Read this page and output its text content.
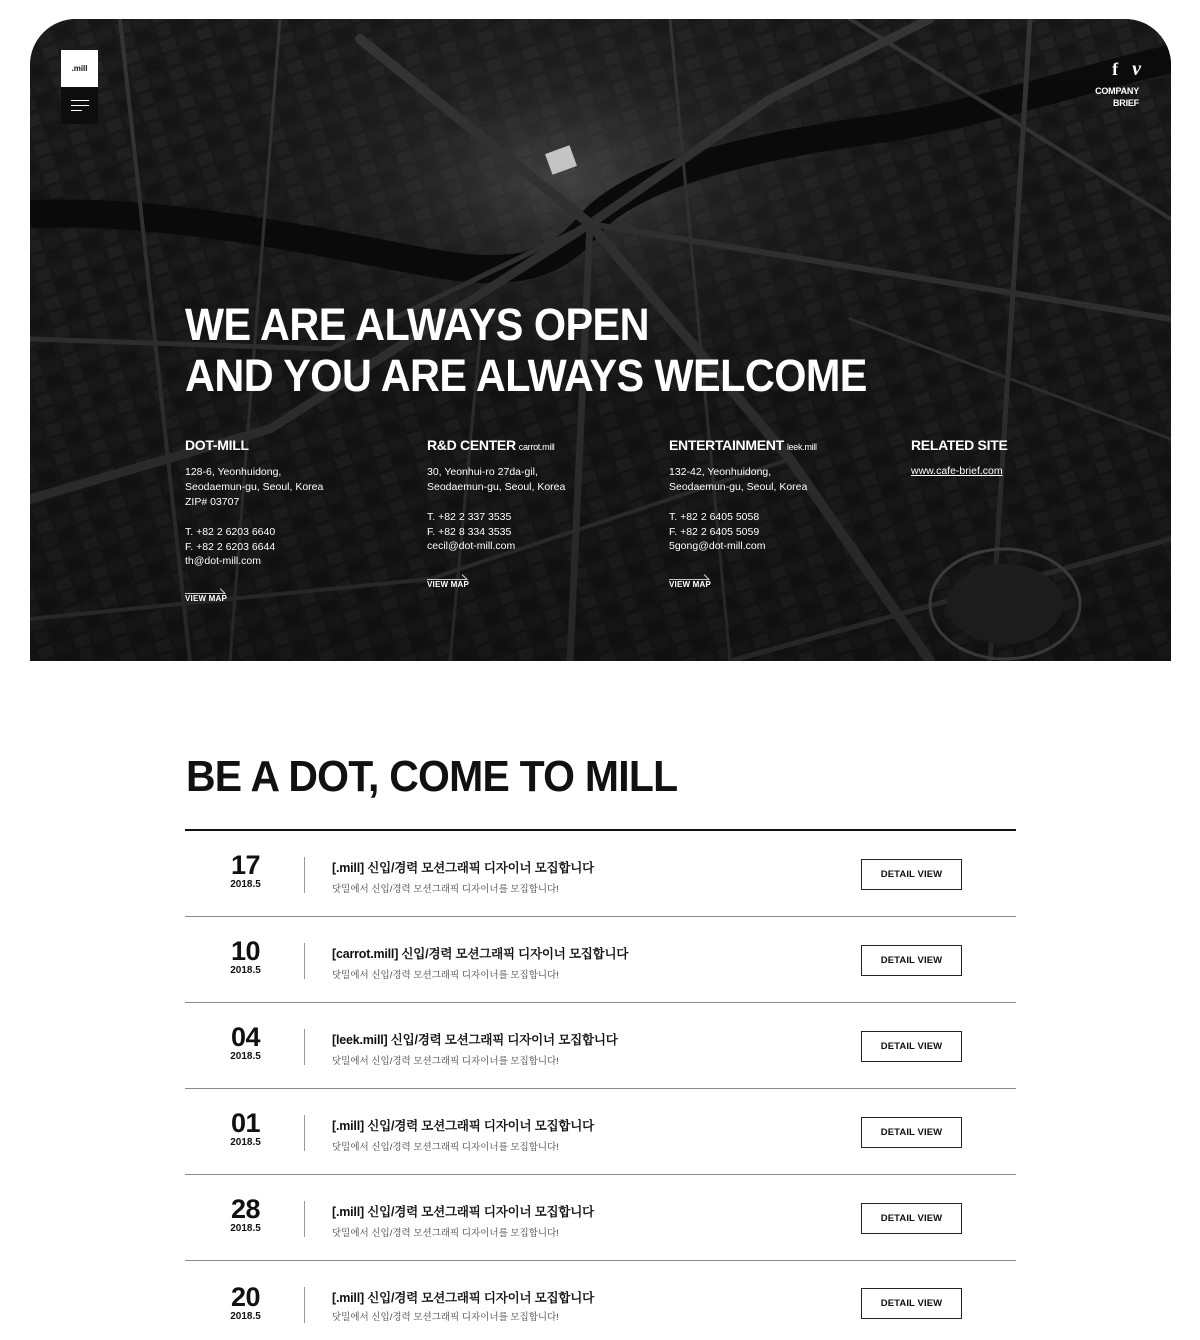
.mill	f v
COMPANY
BRIEF
WE ARE ALWAYS OPEN
AND YOU ARE ALWAYS WELCOME
DOT-MILL
128-6, Yeonhuidong,
Seodaemun-gu, Seoul, Korea
ZIP# 03707
T. +82 2 6203 6640
F. +82 2 6203 6644
th@dot-mill.com
VIEW MAP
R&D CENTER carrot.mill
30, Yeonhui-ro 27da-gil,
Seodaemun-gu, Seoul, Korea
T. +82 2 337 3535
F. +82 8 334 3535
cecil@dot-mill.com
VIEW MAP
ENTERTAINMENT leek.mill
132-42, Yeonhuidong,
Seodaemun-gu, Seoul, Korea
T. +82 2 6405 5058
F. +82 2 6405 5059
5gong@dot-mill.com
VIEW MAP
RELATED SITE
www.cafe-brief.com
BE A DOT, COME TO MILL
17
2018.5
[.mill] 신입/경력 모션그래픽 디자이너 모집합니다
닷밀에서 신입/경력 모션그래픽 디자이너를 모집합니다!
DETAIL VIEW
10
2018.5
[carrot.mill] 신입/경력 모션그래픽 디자이너 모집합니다
닷밀에서 신입/경력 모션그래픽 디자이너를 모집합니다!
DETAIL VIEW
04
2018.5
[leek.mill] 신입/경력 모션그래픽 디자이너 모집합니다
닷밀에서 신입/경력 모션그래픽 디자이너를 모집합니다!
DETAIL VIEW
01
2018.5
[.mill] 신입/경력 모션그래픽 디자이너 모집합니다
닷밀에서 신입/경력 모션그래픽 디자이너를 모집합니다!
DETAIL VIEW
28
2018.5
[.mill] 신입/경력 모션그래픽 디자이너 모집합니다
닷밀에서 신입/경력 모션그래픽 디자이너를 모집합니다!
DETAIL VIEW
20
2018.5
[.mill] 신입/경력 모션그래픽 디자이너 모집합니다
닷밀에서 신입/경력 모션그래픽 디자이너를 모집합니다!
DETAIL VIEW
